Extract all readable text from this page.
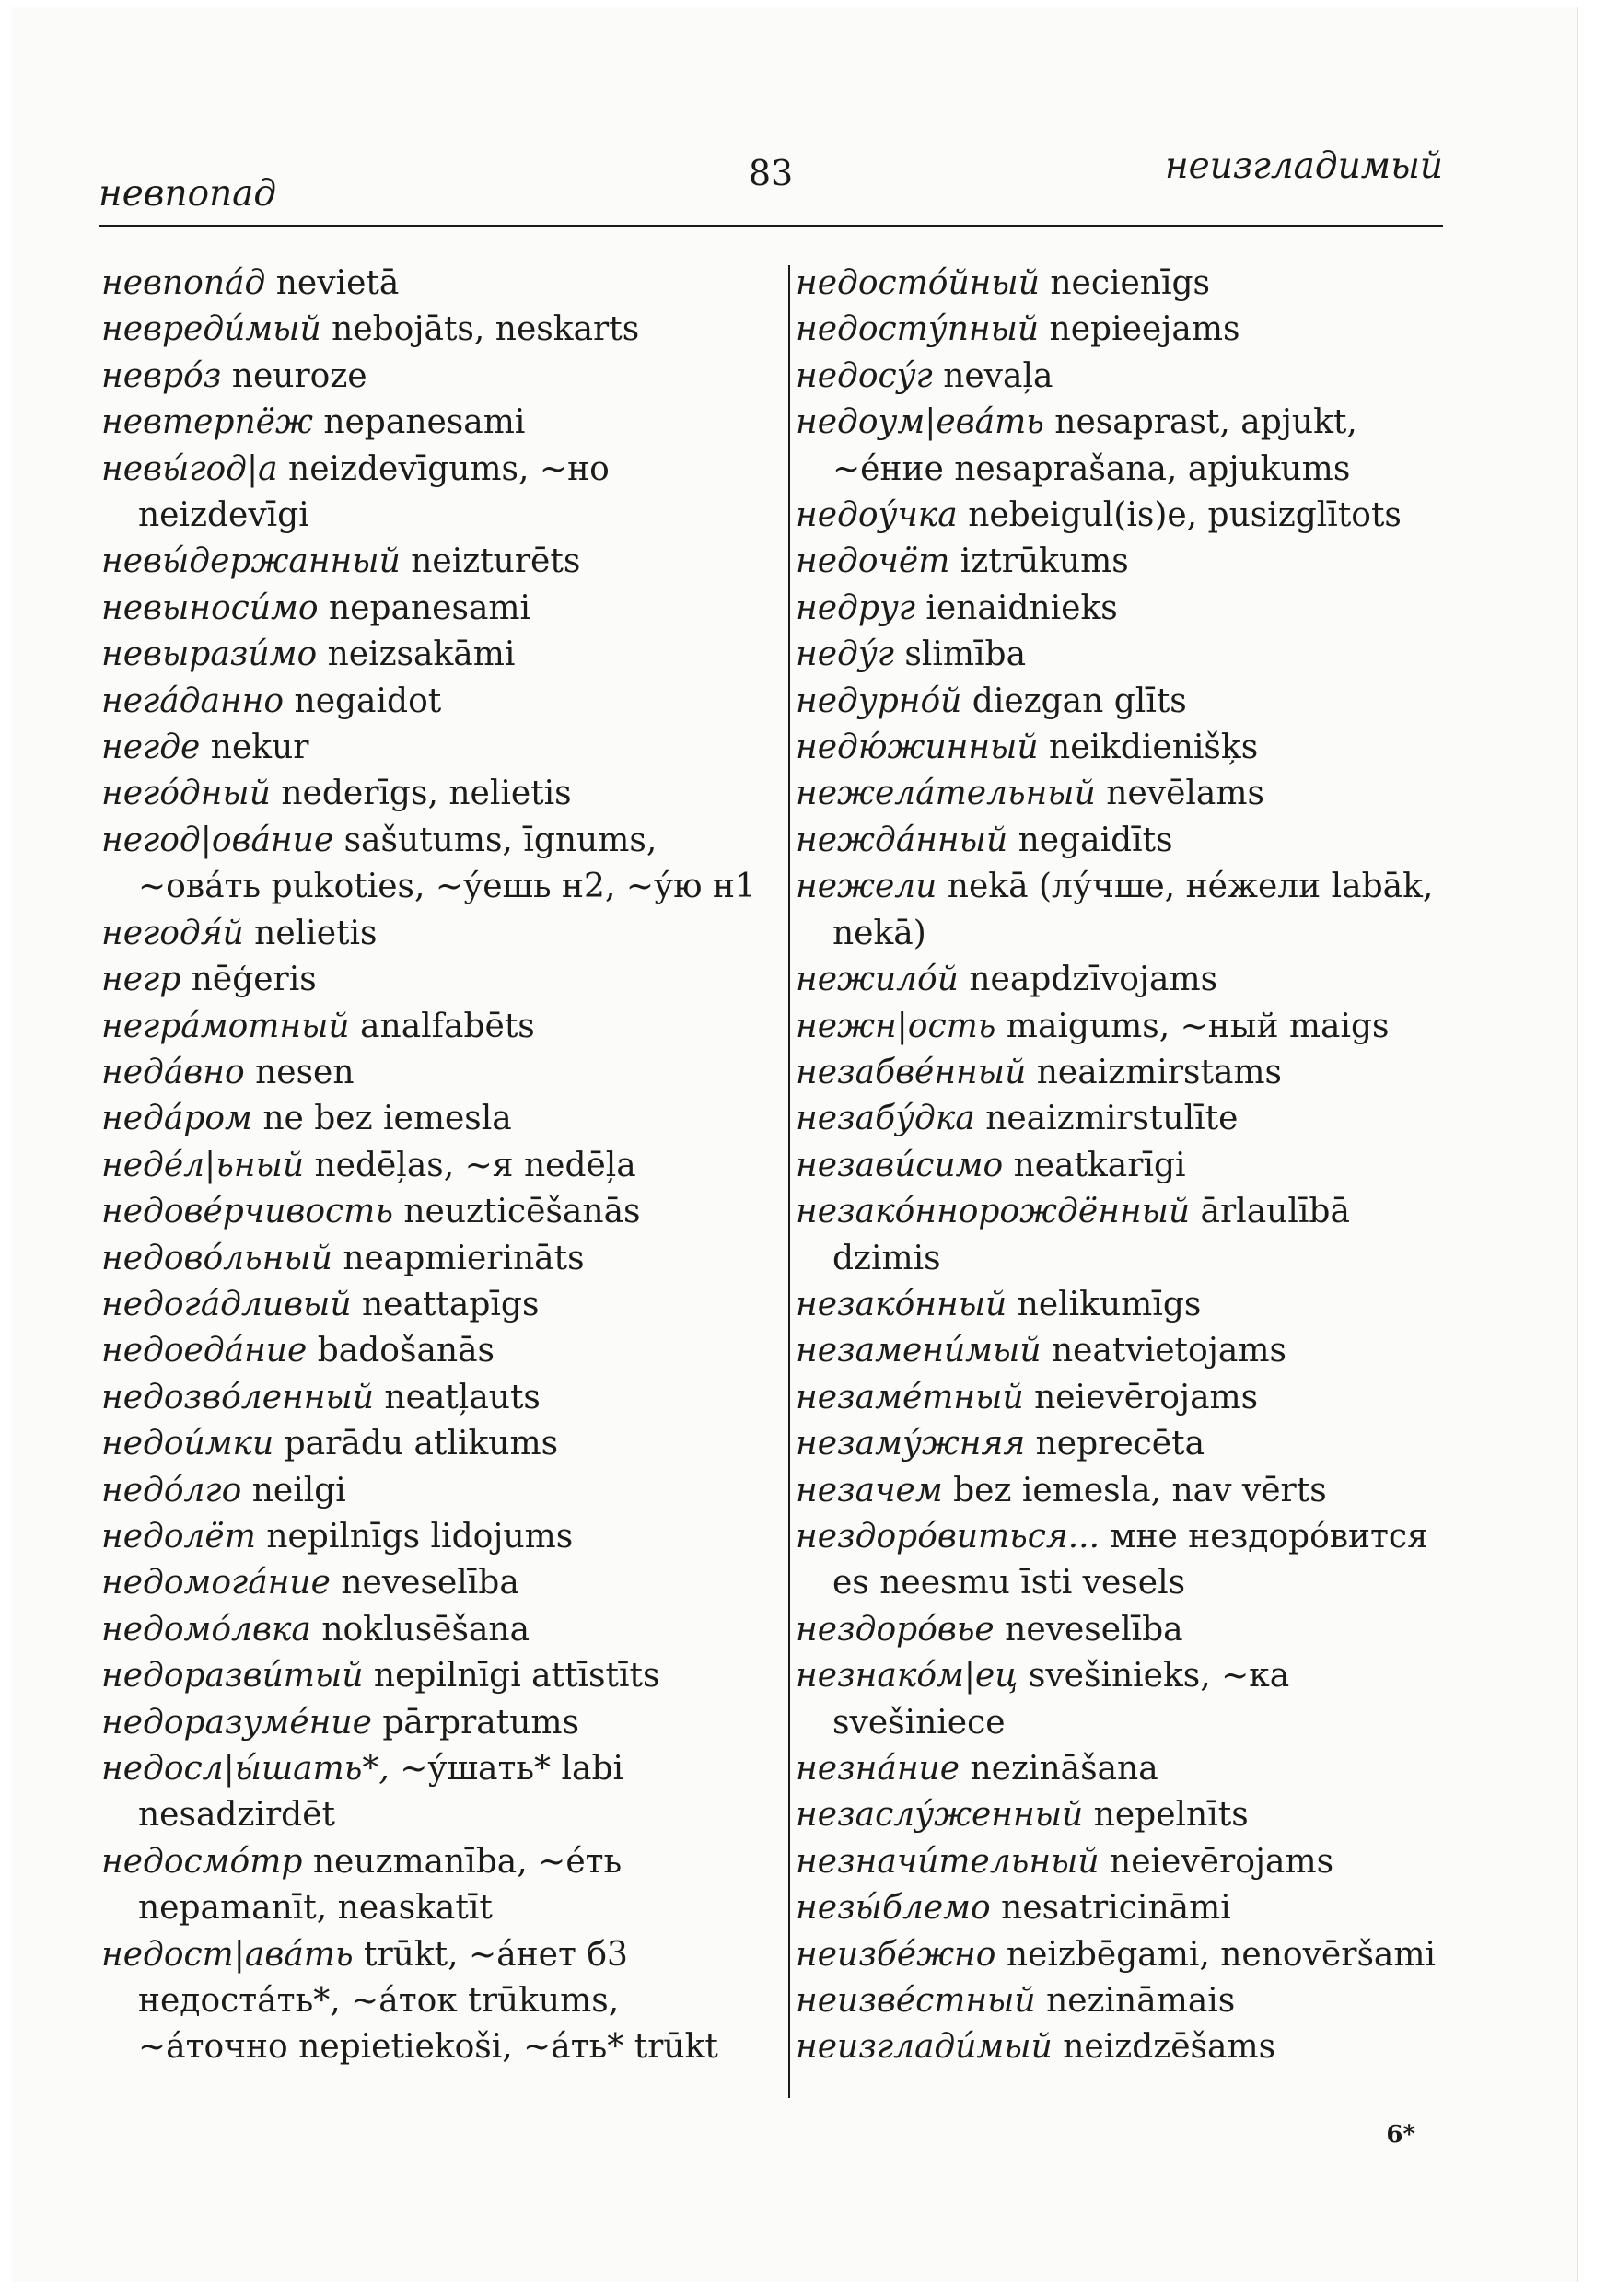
невпопад	83	неизгладимый
невпопа́д nevietā
невреди́мый nebojāts, neskarts
невро́з neuroze
невтерпёж nepanesami
невы́год|а neizdevīgums, ~но neizdevīgi
невы́держанный neizturēts
невыноси́мо nepanesami
невырази́мо neizsakāmi
нега́данно negaidot
негде nekur
него́дный nederīgs, nelietis
негод|ова́ние sašutums, īgnums, ~ова́ть pukoties, ~у́ешь н2, ~у́ю н1
негодя́й nelietis
негр nēģeris
негра́мотный analfabēts
неда́вно nesen
неда́ром ne bez iemesla
неде́л|ьный nedēļas, ~я nedēļa
недове́рчивость neuzticēšanās
недово́льный neapmierināts
недога́дливый neattapīgs
недоеда́ние badošanās
недозво́ленный neatļauts
недои́мки parādu atlikums
недо́лго neilgi
недолёт nepilnīgs lidojums
недомога́ние neveselība
недомо́лвка noklusēšana
недоразви́тый nepilnīgi attīstīts
недоразуме́ние pārpratums
недосл|ы́шать*, ~у́шать* labi nesadzirdēt
недосмо́тр neuzmanība, ~е́ть nepamanīt, neaskatīt
недост|ава́ть trūkt, ~а́нет б3 недоста́ть*, ~а́ток trūkums, ~а́точно nepietiekoši, ~а́ть* trūkt
недосто́йный necienīgs
недосту́пный nepieejams
недосу́г nevaļa
недоум|ева́ть nesaprast, apjukt, ~е́ние nesaprašana, apjukums
недоу́чка nebeigul(is)e, pusizglītots
недочёт iztrūkums
недруг ienaidnieks
неду́г slimība
недурно́й diezgan glīts
недю́жинный neikdienišķs
нежела́тельный nevēlams
нежда́нный negaidīts
нежели nekā (лу́чше, не́жели labāk, nekā)
нежило́й neapdzīvojams
нежн|ость maigums, ~ный maigs
незабве́нный neaizmirstams
незабу́дка neaizmirstulīte
незави́симо neatkarīgi
незако́ннорождённый ārlaulībā dzimis
незако́нный nelikumīgs
незамени́мый neatvietojams
незаме́тный neievērojams
незаму́жняя neprecēta
незачем bez iemesla, nav vērts
нездоро́виться... мне нездоро́вится es neesmu īsti vesels
нездоро́вье neveselība
незнако́м|ец svešinieks, ~ка svešiniece
незна́ние nezināšana
незаслу́женный nepelnīts
незначи́тельный neievērojams
незы́блемо nesatricināmi
неизбе́жно neizbēgami, nenovēršami
неизве́стный nezināmais
неизглади́мый neizdzēšams
6*
